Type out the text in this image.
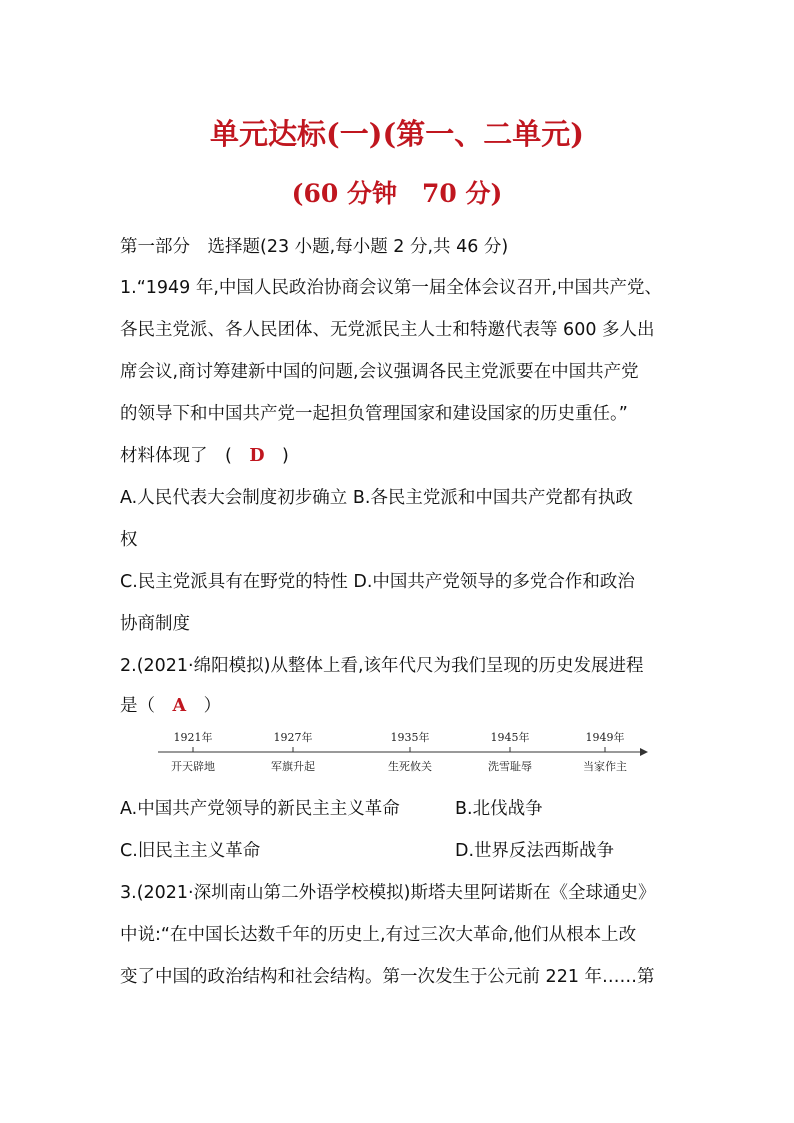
单元达标(一)(第一、二单元)
(60 分钟　70 分)
第一部分　选择题(23 小题,每小题 2 分,共 46 分)
1.“1949 年,中国人民政治协商会议第一届全体会议召开,中国共产党、
各民主党派、各人民团体、无党派民主人士和特邀代表等 600 多人出
席会议,商讨筹建新中国的问题,会议强调各民主党派要在中国共产党
的领导下和中国共产党一起担负管理国家和建设国家的历史重任。”
材料体现了　(　D　)
A.人民代表大会制度初步确立 B.各民主党派和中国共产党都有执政
权
C.民主党派具有在野党的特性 D.中国共产党领导的多党合作和政治
协商制度
2.(2021·绵阳模拟)从整体上看,该年代尺为我们呈现的历史发展进程
是（　A　）
1921年
开天辟地
1927年
军旗升起
1935年
生死攸关
1945年
洗雪耻辱
1949年
当家作主
A.中国共产党领导的新民主主义革命	B.北伐战争
C.旧民主主义革命	D.世界反法西斯战争
3.(2021·深圳南山第二外语学校模拟)斯塔夫里阿诺斯在《全球通史》
中说:“在中国长达数千年的历史上,有过三次大革命,他们从根本上改
变了中国的政治结构和社会结构。第一次发生于公元前 221 年……第
